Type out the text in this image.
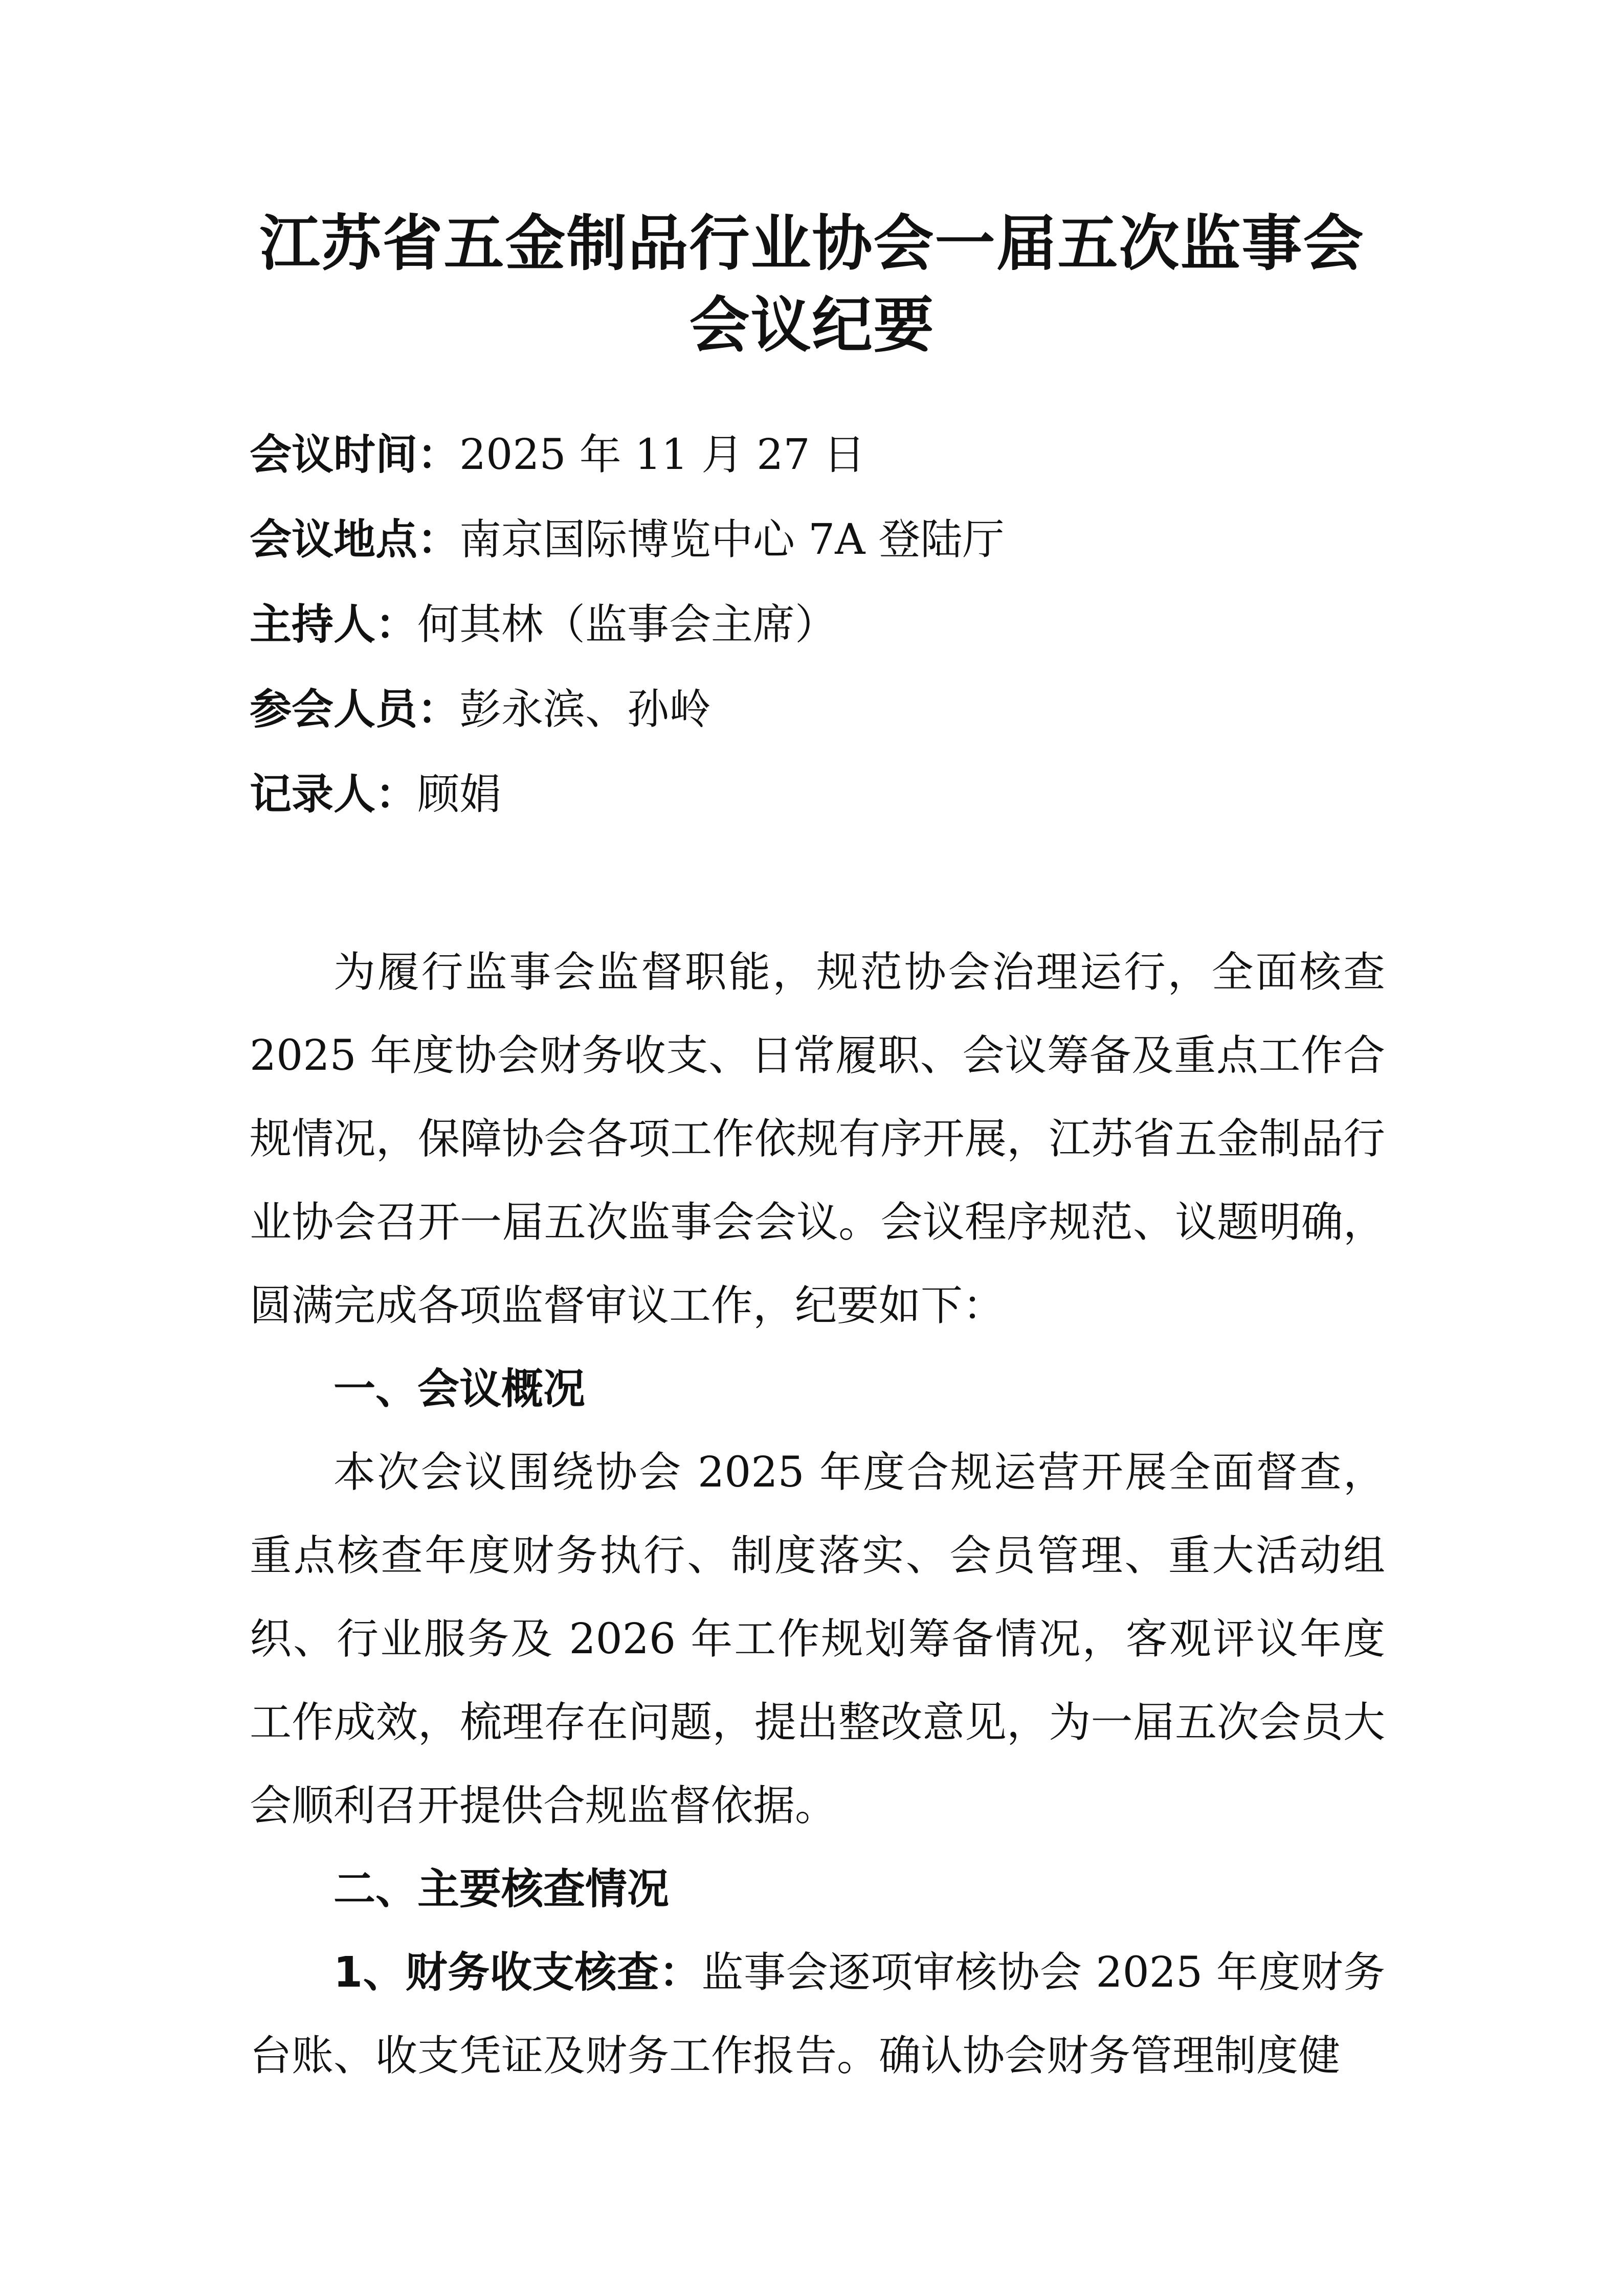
江苏省五金制品行业协会一届五次监事会
会议纪要
会议时间：2025 年 11 月 27 日
会议地点：南京国际博览中心 7A 登陆厅
主持人：何其林（监事会主席）
参会人员：彭永滨、孙岭
记录人：顾娟

为履行监事会监督职能，规范协会治理运行，全面核查 2025 年度协会财务收支、日常履职、会议筹备及重点工作合规情况，保障协会各项工作依规有序开展，江苏省五金制品行业协会召开一届五次监事会会议。会议程序规范、议题明确，圆满完成各项监督审议工作，纪要如下：

一、会议概况

本次会议围绕协会 2025 年度合规运营开展全面督查，重点核查年度财务执行、制度落实、会员管理、重大活动组织、行业服务及 2026 年工作规划筹备情况，客观评议年度工作成效，梳理存在问题，提出整改意见，为一届五次会员大会顺利召开提供合规监督依据。

二、主要核查情况

1、财务收支核查：监事会逐项审核协会 2025 年度财务台账、收支凭证及财务工作报告。确认协会财务管理制度健
